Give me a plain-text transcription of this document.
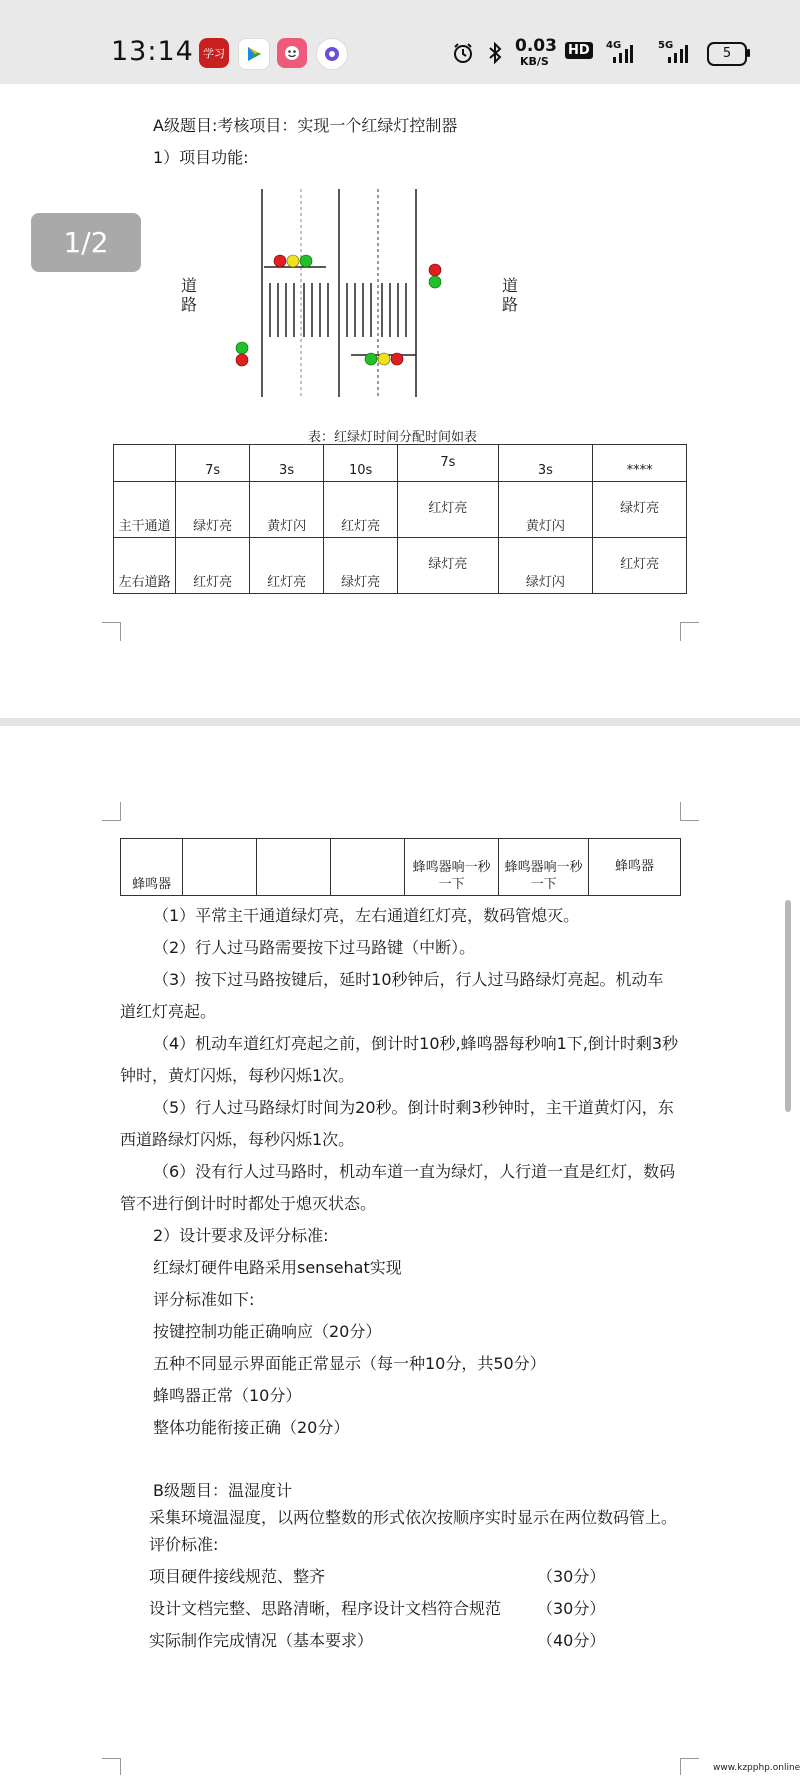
13:14 学习	0.03
KB/S
HD	4G	5G
5
1/2
A级题目:考核项目：实现一个红绿灯控制器
1）项目功能:
道路
道路
表：红绿灯时间分配时间如表
	7s	3s	10s	7s	3s	****
主干通道	绿灯亮	黄灯闪	红灯亮	红灯亮	黄灯闪	绿灯亮
左右道路	红灯亮	红灯亮	绿灯亮	绿灯亮	绿灯闪	红灯亮
蜂鸣器				蜂鸣器响一秒一下	蜂鸣器响一秒一下	蜂鸣器
（1）平常主干通道绿灯亮，左右通道红灯亮，数码管熄灭。
（2）行人过马路需要按下过马路键（中断）。
（3）按下过马路按键后，延时10秒钟后，行人过马路绿灯亮起。机动车
道红灯亮起。
（4）机动车道红灯亮起之前，倒计时10秒,蜂鸣器每秒响1下,倒计时剩3秒
钟时，黄灯闪烁，每秒闪烁1次。
（5）行人过马路绿灯时间为20秒。倒计时剩3秒钟时，主干道黄灯闪，东
西道路绿灯闪烁，每秒闪烁1次。
（6）没有行人过马路时，机动车道一直为绿灯，人行道一直是红灯，数码
管不进行倒计时时都处于熄灭状态。
2）设计要求及评分标准:
红绿灯硬件电路采用sensehat实现
评分标准如下:
按键控制功能正确响应（20分）
五种不同显示界面能正常显示（每一种10分，共50分）
蜂鸣器正常（10分）
整体功能衔接正确（20分）
B级题目：温湿度计
采集环境温湿度，以两位整数的形式依次按顺序实时显示在两位数码管上。
评价标准:
项目硬件接线规范、整齐	（30分）
设计文档完整、思路清晰，程序设计文档符合规范 （30分）
实际制作完成情况（基本要求）	（40分）
www.kzpphp.online
